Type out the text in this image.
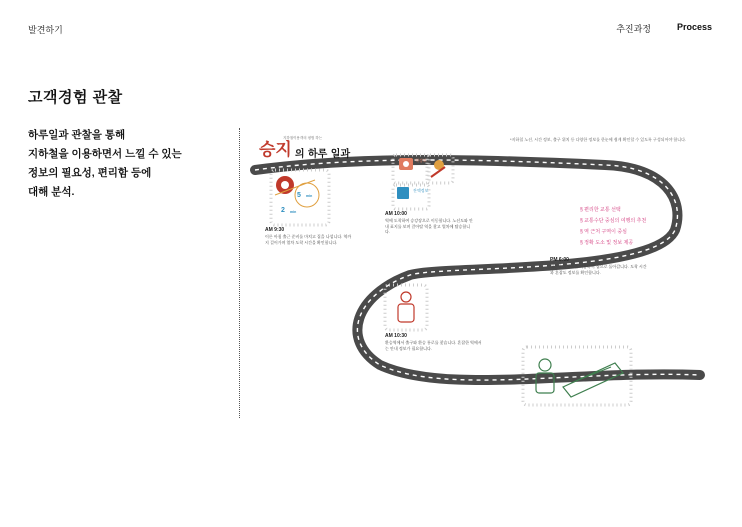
발견하기	추진과정	Process
고객경험 관찰
하루일과 관찰을 통해
지하철을 이용하면서 느낄 수 있는
정보의 필요성, 편리함 등에
대해 분석.
지하철이용객의 평범 하는
승지 의 하루 일과
5 min
2 min
역정보
잔액정보
*지하철 노선, 시간 정보, 출구 위치 등 다양한 정보를 한눈에 쉽게 확인할 수 있도록 구성되어야 합니다.
§ 편리한 교통 선택
§ 교통수단 중심의 여행의 추천
§ 역 근처 구역이 중심
§ 정확 도소 및 정보 제공
AM 9:30
이른 아침 출근 준비를 마치고 집을 나섭니다. 역까지 걸어가며 열차 도착 시간을 확인합니다.
AM 10:00
역에 도착하여 승강장으로 이동합니다. 노선도와 안내 표지를 보며 갈아탈 역을 찾고 열차에 탑승합니다.
AM 10:30
환승역에서 출구와 환승 통로를 찾습니다. 혼잡한 역에서는 안내 정보가 필요합니다.
PM 6:00
퇴근길 지하철을 이용하여 집으로 돌아갑니다. 도착 시간과 혼잡도 정보를 확인합니다.
